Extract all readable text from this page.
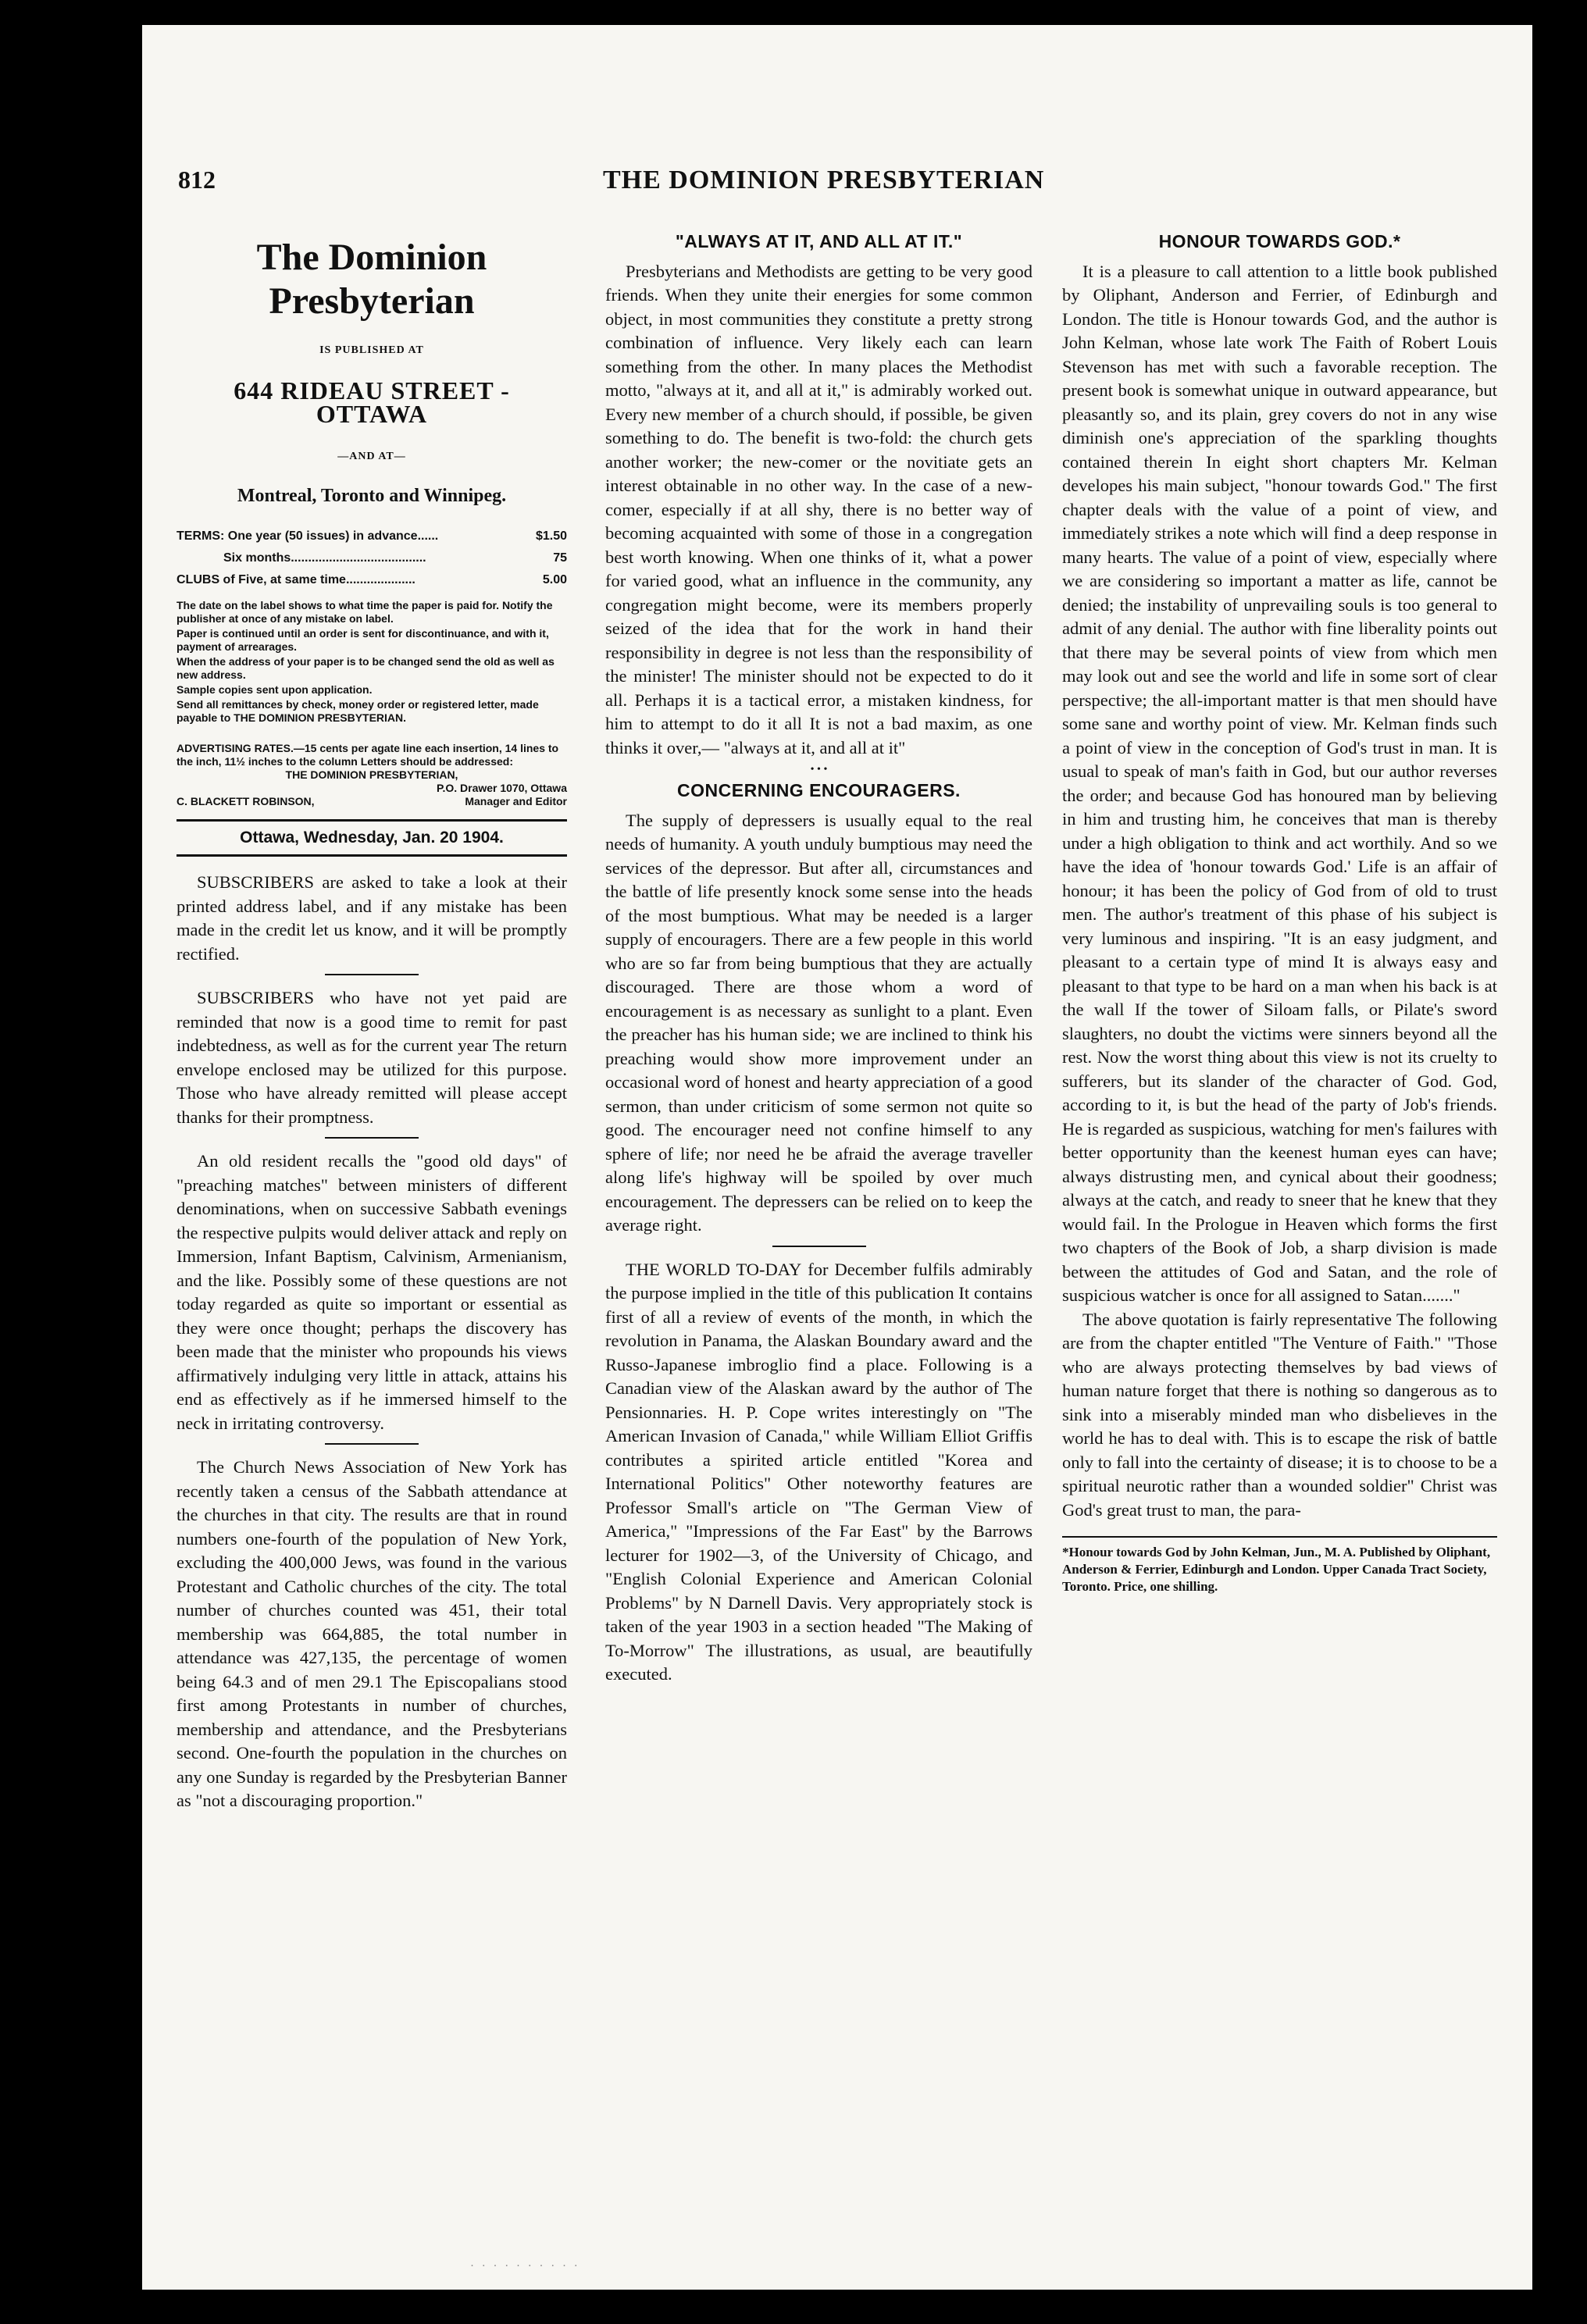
812	THE DOMINION PRESBYTERIAN
The Dominion Presbyterian
IS PUBLISHED AT
644 RIDEAU STREET - OTTAWA
—AND AT—
Montreal, Toronto and Winnipeg.
TERMS: One year (50 issues) in advance......	$1.50
Six months.......................................	75
CLUBS of Five, at same time....................	5.00

The date on the label shows to what time the paper is paid for. Notify the publisher at once of any mistake on label.

Paper is continued until an order is sent for discontinuance, and with it, payment of arrearages.

When the address of your paper is to be changed send the old as well as new address.

Sample copies sent upon application.

Send all remittances by check, money order or registered letter, made payable to THE DOMINION PRESBYTERIAN.

ADVERTISING RATES.—15 cents per agate line each insertion, 14 lines to the inch, 11½ inches to the column Letters should be addressed:

THE DOMINION PRESBYTERIAN,

P.O. Drawer 1070, Ottawa

C. BLACKETT ROBINSON,	Manager and Editor

Ottawa, Wednesday, Jan. 20 1904.

SUBSCRIBERS are asked to take a look at their printed address label, and if any mistake has been made in the credit let us know, and it will be promptly rectified.

SUBSCRIBERS who have not yet paid are reminded that now is a good time to remit for past indebtedness, as well as for the current year The return envelope enclosed may be utilized for this purpose. Those who have already remitted will please accept thanks for their promptness.

An old resident recalls the "good old days" of "preaching matches" between ministers of different denominations, when on successive Sabbath evenings the respective pulpits would deliver attack and reply on Immersion, Infant Baptism, Calvinism, Armenianism, and the like. Possibly some of these questions are not today regarded as quite so important or essential as they were once thought; perhaps the discovery has been made that the minister who propounds his views affirmatively indulging very little in attack, attains his end as effectively as if he immersed himself to the neck in irritating controversy.

The Church News Association of New York has recently taken a census of the Sabbath attendance at the churches in that city. The results are that in round numbers one-fourth of the population of New York, excluding the 400,000 Jews, was found in the various Protestant and Catholic churches of the city. The total number of churches counted was 451, their total membership was 664,885, the total number in attendance was 427,135, the percentage of women being 64.3 and of men 29.1 The Episcopalians stood first among Protestants in number of churches, membership and attendance, and the Presbyterians second. One-fourth the population in the churches on any one Sunday is regarded by the Presbyterian Banner as "not a discouraging proportion."

"ALWAYS AT IT, AND ALL AT IT."

Presbyterians and Methodists are getting to be very good friends. When they unite their energies for some common object, in most communities they constitute a pretty strong combination of influence. Very likely each can learn something from the other. In many places the Methodist motto, "always at it, and all at it," is admirably worked out. Every new member of a church should, if possible, be given something to do. The benefit is two-fold: the church gets another worker; the new-comer or the novitiate gets an interest obtainable in no other way. In the case of a new-comer, especially if at all shy, there is no better way of becoming acquainted with some of those in a congregation best worth knowing. When one thinks of it, what a power for varied good, what an influence in the community, any congregation might become, were its members properly seized of the idea that for the work in hand their responsibility in degree is not less than the responsibility of the minister! The minister should not be expected to do it all. Perhaps it is a tactical error, a mistaken kindness, for him to attempt to do it all It is not a bad maxim, as one thinks it over,— "always at it, and all at it"

• • •
CONCERNING ENCOURAGERS.

The supply of depressers is usually equal to the real needs of humanity. A youth unduly bumptious may need the services of the depressor. But after all, circumstances and the battle of life presently knock some sense into the heads of the most bumptious. What may be needed is a larger supply of encouragers. There are a few people in this world who are so far from being bumptious that they are actually discouraged. There are those whom a word of encouragement is as necessary as sunlight to a plant. Even the preacher has his human side; we are inclined to think his preaching would show more improvement under an occasional word of honest and hearty appreciation of a good sermon, than under criticism of some sermon not quite so good. The encourager need not confine himself to any sphere of life; nor need he be afraid the average traveller along life's highway will be spoiled by over much encouragement. The depressers can be relied on to keep the average right.

THE WORLD TO-DAY for December fulfils admirably the purpose implied in the title of this publication It contains first of all a review of events of the month, in which the revolution in Panama, the Alaskan Boundary award and the Russo-Japanese imbroglio find a place. Following is a Canadian view of the Alaskan award by the author of The Pensionnaries. H. P. Cope writes interestingly on "The American Invasion of Canada," while William Elliot Griffis contributes a spirited article entitled "Korea and International Politics" Other noteworthy features are Professor Small's article on "The German View of America," "Impressions of the Far East" by the Barrows lecturer for 1902—3, of the University of Chicago, and "English Colonial Experience and American Colonial Problems" by N Darnell Davis. Very appropriately stock is taken of the year 1903 in a section headed "The Making of To-Morrow" The illustrations, as usual, are beautifully executed.

HONOUR TOWARDS GOD.*

It is a pleasure to call attention to a little book published by Oliphant, Anderson and Ferrier, of Edinburgh and London. The title is Honour towards God, and the author is John Kelman, whose late work The Faith of Robert Louis Stevenson has met with such a favorable reception. The present book is somewhat unique in outward appearance, but pleasantly so, and its plain, grey covers do not in any wise diminish one's appreciation of the sparkling thoughts contained therein In eight short chapters Mr. Kelman developes his main subject, "honour towards God." The first chapter deals with the value of a point of view, and immediately strikes a note which will find a deep response in many hearts. The value of a point of view, especially where we are considering so important a matter as life, cannot be denied; the instability of unprevailing souls is too general to admit of any denial. The author with fine liberality points out that there may be several points of view from which men may look out and see the world and life in some sort of clear perspective; the all-important matter is that men should have some sane and worthy point of view. Mr. Kelman finds such a point of view in the conception of God's trust in man. It is usual to speak of man's faith in God, but our author reverses the order; and because God has honoured man by believing in him and trusting him, he conceives that man is thereby under a high obligation to think and act worthily. And so we have the idea of 'honour towards God.' Life is an affair of honour; it has been the policy of God from of old to trust men. The author's treatment of this phase of his subject is very luminous and inspiring. "It is an easy judgment, and pleasant to a certain type of mind It is always easy and pleasant to that type to be hard on a man when his back is at the wall If the tower of Siloam falls, or Pilate's sword slaughters, no doubt the victims were sinners beyond all the rest. Now the worst thing about this view is not its cruelty to sufferers, but its slander of the character of God. God, according to it, is but the head of the party of Job's friends. He is regarded as suspicious, watching for men's failures with better opportunity than the keenest human eyes can have; always distrusting men, and cynical about their goodness; always at the catch, and ready to sneer that he knew that they would fail. In the Prologue in Heaven which forms the first two chapters of the Book of Job, a sharp division is made between the attitudes of God and Satan, and the role of suspicious watcher is once for all assigned to Satan......."

The above quotation is fairly representative The following are from the chapter entitled "The Venture of Faith." "Those who are always protecting themselves by bad views of human nature forget that there is nothing so dangerous as to sink into a miserably minded man who disbelieves in the world he has to deal with. This is to escape the risk of battle only to fall into the certainty of disease; it is to choose to be a spiritual neurotic rather than a wounded soldier" Christ was God's great trust to man, the para-

*Honour towards God by John Kelman, Jun., M. A. Published by Oliphant, Anderson & Ferrier, Edinburgh and London. Upper Canada Tract Society, Toronto. Price, one shilling.
· · · · · · · · · ·
